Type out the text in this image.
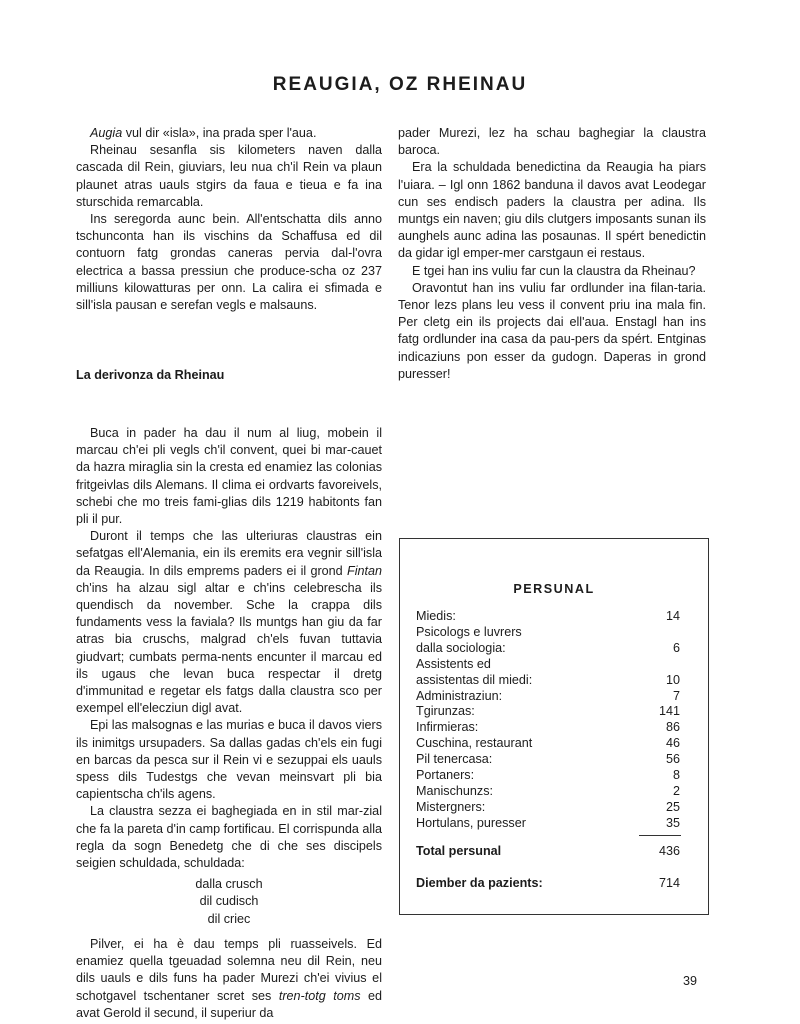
REAUGIA, OZ RHEINAU

Augia vul dir «isla», ina prada sper l'aua.

Rheinau sesanfla sis kilometers naven dalla cascada dil Rein, giuviars, leu nua ch'il Rein va plaun plaunet atras uauls stgirs da faua e tieua e fa ina sturschida remarcabla.

Ins seregorda aunc bein. All'entschatta dils anno tschunconta han ils vischins da Schaffusa ed dil contuorn fatg grondas caneras pervia dal-l'ovra electrica a bassa pressiun che produce-scha oz 237 milliuns kilowatturas per onn. La calira ei sfimada e sill'isla pausan e serefan vegls e malsauns.

La derivonza da Rheinau

Buca in pader ha dau il num al liug, mobein il marcau ch'ei pli vegls ch'il convent, quei bi mar-cauet da hazra miraglia sin la cresta ed enamiez las colonias fritgeivlas dils Alemans. Il clima ei ordvarts favoreivels, schebi che mo treis fami-glias dils 1219 habitonts fan pli il pur.

Duront il temps che las ulteriuras claustras ein sefatgas ell'Alemania, ein ils eremits era vegnir sill'isla da Reaugia. In dils emprems paders ei il grond Fintan ch'ins ha alzau sigl altar e ch'ins celebrescha ils quendisch da november. Sche la crappa dils fundaments vess la faviala? Ils muntgs han giu da far atras bia cruschs, malgrad ch'els fuvan tuttavia giudvart; cumbats perma-nents encunter il marcau ed ils ugaus che levan buca respectar il dretg d'immunitad e regetar els fatgs dalla claustra sco per exempel ell'elecziun digl avat.

Epi las malsognas e las murias e buca il davos viers ils inimitgs ursupaders. Sa dallas gadas ch'els ein fugi en barcas da pesca sur il Rein vi e sezuppai els uauls spess dils Tudestgs che vevan meinsvart pli bia capientscha ch'ils agens.

La claustra sezza ei baghegiada en in stil mar-zial che fa la pareta d'in camp fortificau. El corrispunda alla regla da sogn Benedetg che di che ses discipels seigien schuldada, schuldada:

dalla crusch
dil cudisch
dil criec

Pilver, ei ha è dau temps pli ruasseivels. Ed enamiez quella tgeuadad solemna neu dil Rein, neu dils uauls e dils funs ha pader Murezi ch'ei vivius el schotgavel tschentaner scret ses tren-totg toms ed avat Gerold il secund, il superiur da

pader Murezi, lez ha schau baghegiar la claustra baroca.

Era la schuldada benedictina da Reaugia ha piars l'uiara. – Igl onn 1862 banduna il davos avat Leodegar cun ses endisch paders la claustra per adina. Ils muntgs ein naven; giu dils clutgers imposants sunan ils aunghels aunc adina las posaunas. Il spért benedictin da gidar igl emper-mer carstgaun ei restaus.

E tgei han ins vuliu far cun la claustra da Rheinau?

Oravontut han ins vuliu far ordlunder ina filan-taria. Tenor lezs plans leu vess il convent priu ina mala fin. Per cletg ein ils projects dai ell'aua. Enstagl han ins fatg ordlunder ina casa da pau-pers da spért. Entginas indicaziuns pon esser da gudogn. Daperas in grond puresser!

PERSUNAL
Miedis:	14
Psicologs e luvrers
dalla sociologia:	6
Assistents ed
assistentas dil miedi:	10
Administraziun:	7
Tgirunzas:	141
Infirmieras:	86
Cuschina, restaurant	46
Pil tenercasa:	56
Portaners:	8
Manischunzs:	2
Mistergners:	25
Hortulans, puresser	35
Total persunal	436
Diember da pazients:	714
39
